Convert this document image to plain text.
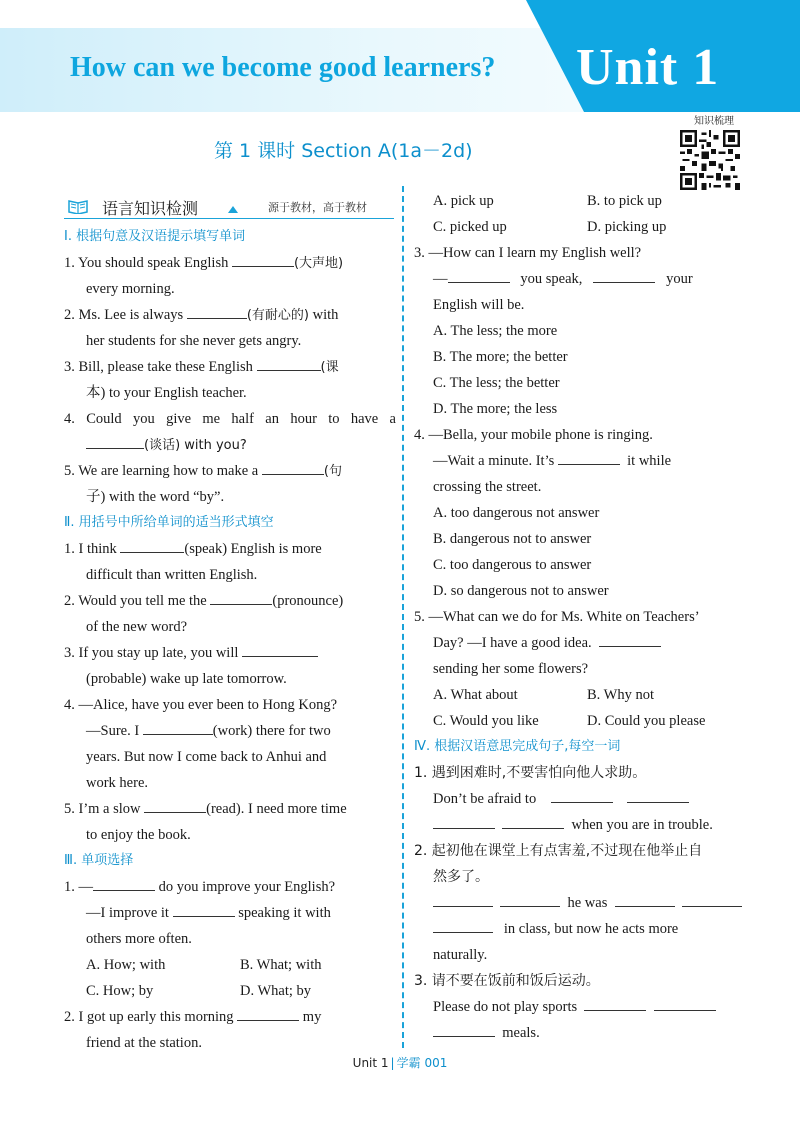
How can we become good learners?	Unit 1
第 1 课时 Section A(1a－2d)
知识梳理
语言知识检测	源于教材，高于教材
Ⅰ. 根据句意及汉语提示填写单词
1. You should speak English	(大声地)
every morning.
2. Ms. Lee is always	(有耐心的) with
her students for she never gets angry.
3. Bill, please take these English	(课
本) to your English teacher.
4. Could you give me half an hour to have a
(谈话) with you?
5. We are learning how to make a	(句
子) with the word “by”.
Ⅱ. 用括号中所给单词的适当形式填空
1. I think	(speak) English is more
difficult than written English.
2. Would you tell me the	(pronounce)
of the new word?
3. If you stay up late, you will
(probable) wake up late tomorrow.
4. —Alice, have you ever been to Hong Kong?
—Sure. I	(work) there for two
years. But now I come back to Anhui and
work here.
5. I’m a slow	(read). I need more time
to enjoy the book.
Ⅲ. 单项选择
1. —	do you improve your English?
—I improve it	speaking it with
others more often.
A. How; with	B. What; with
C. How; by	D. What; by
2. I got up early this morning	my
friend at the station.
A. pick up	B. to pick up
C. picked up	D. picking up
3. —How can I learn my English well?
—	you speak,	your
English will be.
A. The less; the more
B. The more; the better
C. The less; the better
D. The more; the less
4. —Bella, your mobile phone is ringing.
—Wait a minute. It’s	it while
crossing the street.
A. too dangerous not answer
B. dangerous not to answer
C. too dangerous to answer
D. so dangerous not to answer
5. —What can we do for Ms. White on Teachers’
Day? —I have a good idea.
sending her some flowers?
A. What about	B. Why not
C. Would you like	D. Could you please
Ⅳ. 根据汉语意思完成句子,每空一词
1. 遇到困难时,不要害怕向他人求助。
Don’t be afraid to
when you are in trouble.
2. 起初他在课堂上有点害羞,不过现在他举止自
然多了。
he was
in class, but now he acts more
naturally.
3. 请不要在饭前和饭后运动。
Please do not play sports
meals.
Unit 1 | 学霸 001
